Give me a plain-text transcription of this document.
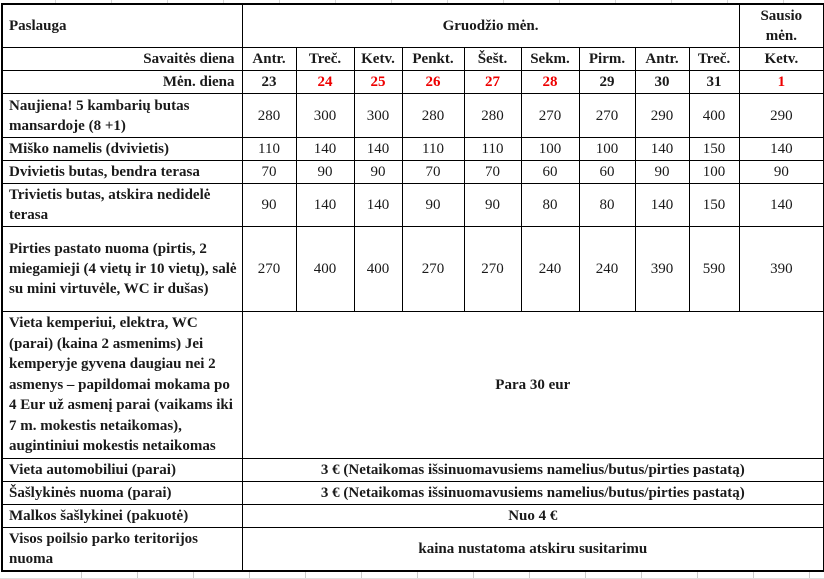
Paslauga	Gruodžio mėn.									Sausio mėn.
Savaitės diena	Antr.	Treč.	Ketv.	Penkt.	Šešt.	Sekm.	Pirm.	Antr.	Treč.	Ketv.
Mėn. diena	23	24	25	26	27	28	29	30	31	1
Naujiena! 5 kambarių butas mansardoje (8 +1)	280	300	300	280	280	270	270	290	400	290
Miško namelis (dvivietis)	110	140	140	110	110	100	100	140	150	140
Dvivietis butas, bendra terasa	70	90	90	70	70	60	60	90	100	90
Trivietis butas, atskira nedidelė terasa	90	140	140	90	90	80	80	140	150	140
Pirties pastato nuoma (pirtis, 2 miegamieji (4 vietų ir 10 vietų), salė su mini virtuvėle, WC ir dušas)	270	400	400	270	270	240	240	390	590	390
Vieta kemperiui, elektra, WC (parai) (kaina 2 asmenims) Jei kemperyje gyvena daugiau nei 2 asmenys – papildomai mokama po 4 Eur už asmenį parai (vaikams iki 7 m. mokestis netaikomas), augintiniui mokestis netaikomas	Para 30 eur									
Vieta automobiliui (parai)	3 € (Netaikomas išsinuomavusiems namelius/butus/pirties pastatą)									
Šašlykinės nuoma (parai)	3 € (Netaikomas išsinuomavusiems namelius/butus/pirties pastatą)									
Malkos šašlykinei (pakuotė)	Nuo 4 €									
Visos poilsio parko teritorijos nuoma	kaina nustatoma atskiru susitarimu									
